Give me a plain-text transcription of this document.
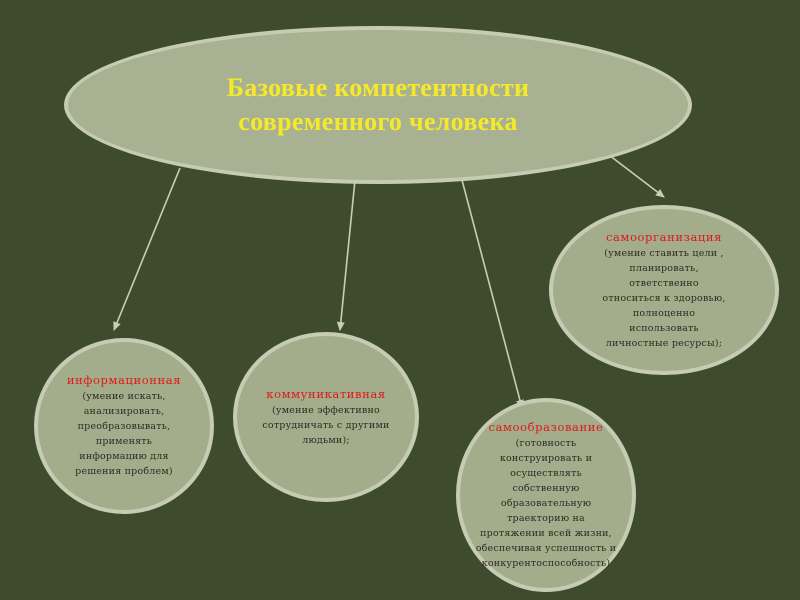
Базовые компетентности
современного человека
информационная
(умение искать,
анализировать,
преобразовывать,
применять
информацию для
решения проблем)
коммуникативная
(умение эффективно
сотрудничать с другими
людьми);
самообразование
(готовность
конструировать и
осуществлять
собственную
образовательную
траекторию на
протяжении всей жизни,
обеспечивая успешность и
конкурентоспособность)
самоорганизация
(умение ставить цели ,
планировать,
ответственно
относиться к здоровью,
полноценно
использовать
личностные ресурсы);
